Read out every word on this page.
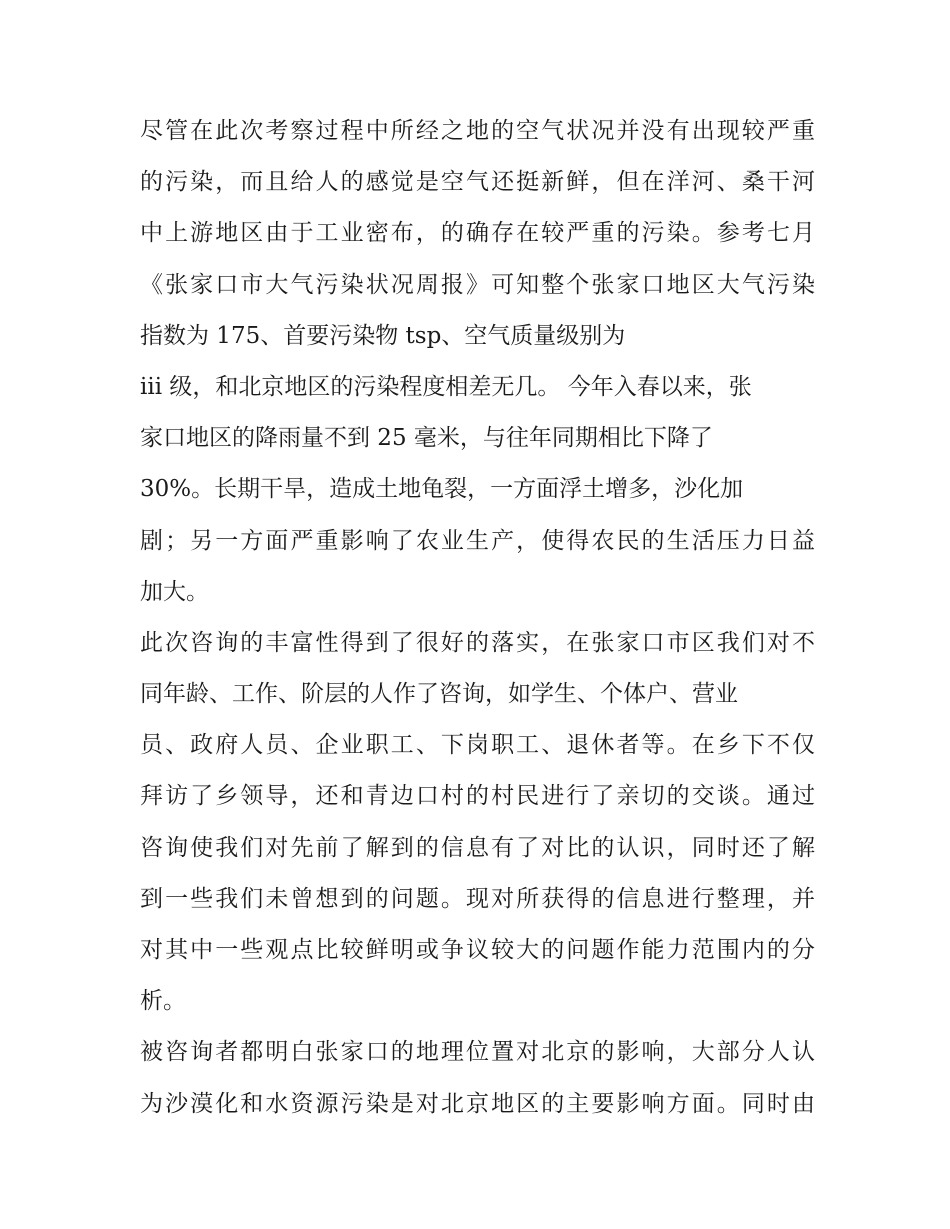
尽管在此次考察过程中所经之地的空气状况并没有出现较严重
的污染，而且给人的感觉是空气还挺新鲜，但在洋河、桑干河
中上游地区由于工业密布，的确存在较严重的污染。参考七月
《张家口市大气污染状况周报》可知整个张家口地区大气污染
指数为 175、首要污染物 tsp、空气质量级别为
iii 级，和北京地区的污染程度相差无几。 今年入春以来，张
家口地区的降雨量不到 25 毫米，与往年同期相比下降了
30%。长期干旱，造成土地龟裂，一方面浮土增多，沙化加
剧；另一方面严重影响了农业生产，使得农民的生活压力日益
加大。
此次咨询的丰富性得到了很好的落实，在张家口市区我们对不
同年龄、工作、阶层的人作了咨询，如学生、个体户、营业
员、政府人员、企业职工、下岗职工、退休者等。在乡下不仅
拜访了乡领导，还和青边口村的村民进行了亲切的交谈。通过
咨询使我们对先前了解到的信息有了对比的认识，同时还了解
到一些我们未曾想到的问题。现对所获得的信息进行整理，并
对其中一些观点比较鲜明或争议较大的问题作能力范围内的分
析。
被咨询者都明白张家口的地理位置对北京的影响，大部分人认
为沙漠化和水资源污染是对北京地区的主要影响方面。同时由
